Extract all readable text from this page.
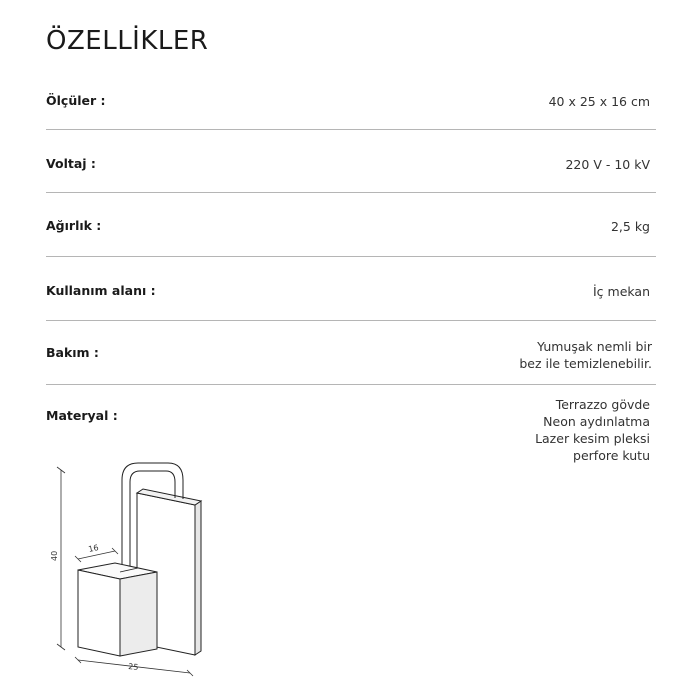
ÖZELLİKLER
Ölçüler :	40 x 25 x 16 cm
Voltaj :	220 V - 10 kV
Ağırlık :	2,5 kg
Kullanım alanı :	İç mekan
Bakım :	Yumuşak nemli bir
bez ile temizlenebilir.
Materyal :
Terrazzo gövde
Neon aydınlatma
Lazer kesim pleksi
perfore kutu
40
16
25
